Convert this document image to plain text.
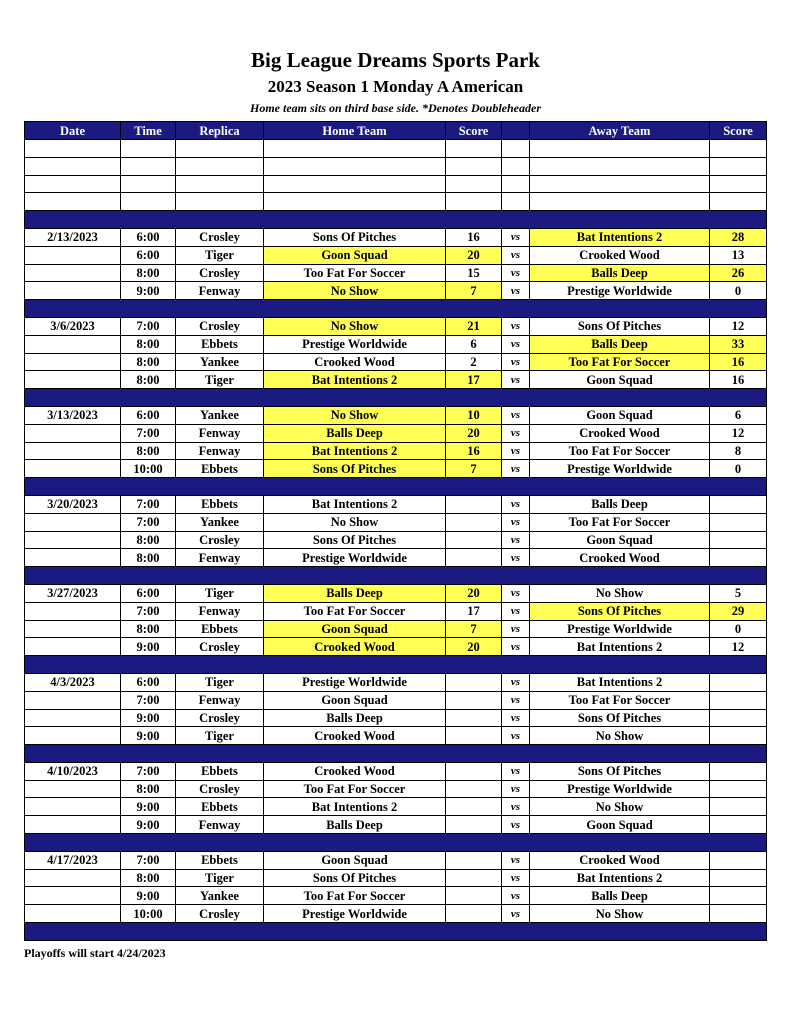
Big League Dreams Sports Park
2023 Season 1 Monday A American
Home team sits on third base side. *Denotes Doubleheader
Date	Time	Replica	Home Team	Score		Away Team	Score

2/13/2023	6:00	Crosley	Sons Of Pitches	16	vs	Bat Intentions 2	28
	6:00	Tiger	Goon Squad	20	vs	Crooked Wood	13
	8:00	Crosley	Too Fat For Soccer	15	vs	Balls Deep	26
	9:00	Fenway	No Show	7	vs	Prestige Worldwide	0

3/6/2023	7:00	Crosley	No Show	21	vs	Sons Of Pitches	12
	8:00	Ebbets	Prestige Worldwide	6	vs	Balls Deep	33
	8:00	Yankee	Crooked Wood	2	vs	Too Fat For Soccer	16
	8:00	Tiger	Bat Intentions 2	17	vs	Goon Squad	16

3/13/2023	6:00	Yankee	No Show	10	vs	Goon Squad	6
	7:00	Fenway	Balls Deep	20	vs	Crooked Wood	12
	8:00	Fenway	Bat Intentions 2	16	vs	Too Fat For Soccer	8
	10:00	Ebbets	Sons Of Pitches	7	vs	Prestige Worldwide	0

3/20/2023	7:00	Ebbets	Bat Intentions 2		vs	Balls Deep	
	7:00	Yankee	No Show		vs	Too Fat For Soccer	
	8:00	Crosley	Sons Of Pitches		vs	Goon Squad	
	8:00	Fenway	Prestige Worldwide		vs	Crooked Wood	

3/27/2023	6:00	Tiger	Balls Deep	20	vs	No Show	5
	7:00	Fenway	Too Fat For Soccer	17	vs	Sons Of Pitches	29
	8:00	Ebbets	Goon Squad	7	vs	Prestige Worldwide	0
	9:00	Crosley	Crooked Wood	20	vs	Bat Intentions 2	12

4/3/2023	6:00	Tiger	Prestige Worldwide		vs	Bat Intentions 2	
	7:00	Fenway	Goon Squad		vs	Too Fat For Soccer	
	9:00	Crosley	Balls Deep		vs	Sons Of Pitches	
	9:00	Tiger	Crooked Wood		vs	No Show	

4/10/2023	7:00	Ebbets	Crooked Wood		vs	Sons Of Pitches	
	8:00	Crosley	Too Fat For Soccer		vs	Prestige Worldwide	
	9:00	Ebbets	Bat Intentions 2		vs	No Show	
	9:00	Fenway	Balls Deep		vs	Goon Squad	

4/17/2023	7:00	Ebbets	Goon Squad		vs	Crooked Wood	
	8:00	Tiger	Sons Of Pitches		vs	Bat Intentions 2	
	9:00	Yankee	Too Fat For Soccer		vs	Balls Deep	
	10:00	Crosley	Prestige Worldwide		vs	No Show	

Playoffs will start 4/24/2023
